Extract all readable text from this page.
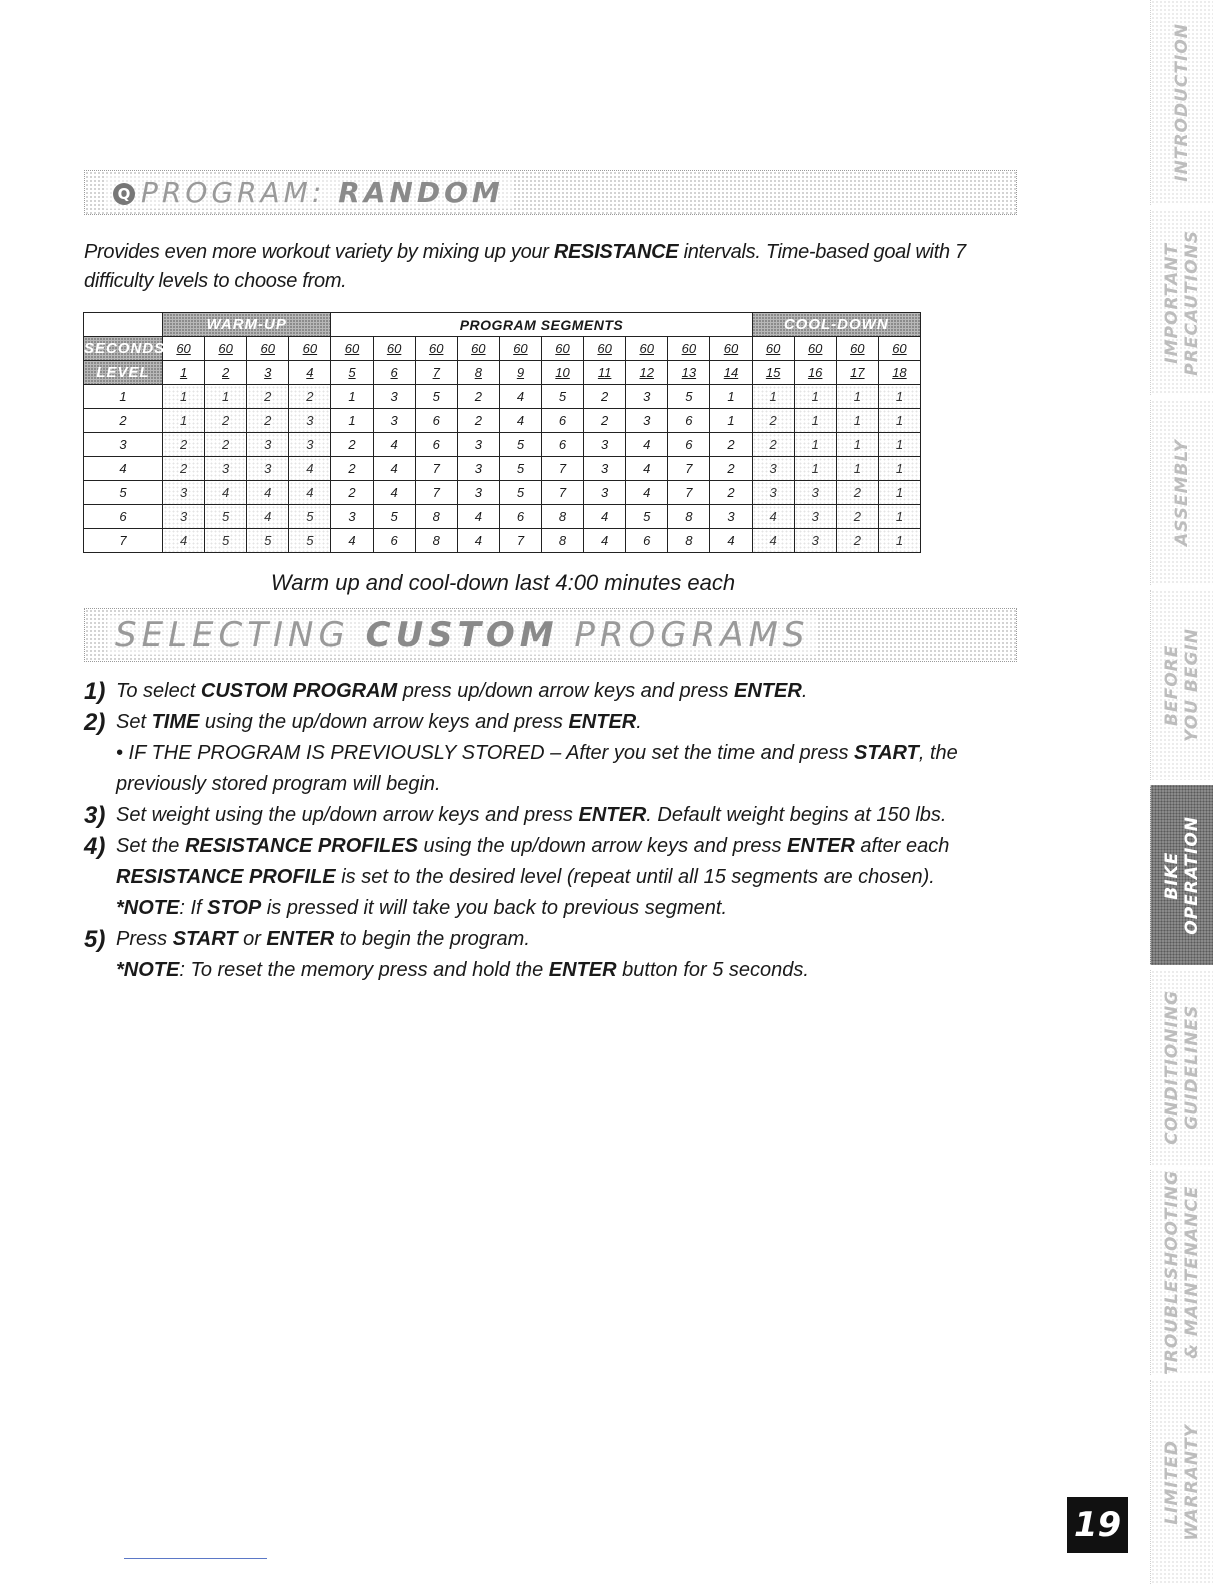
Q PROGRAM: RANDOM
Provides even more workout variety by mixing up your RESISTANCE intervals. Time-based goal with 7 difficulty levels to choose from.
	WARM-UP				PROGRAM SEGMENTS										COOL-DOWN			
SECONDS	60	60	60	60	60	60	60	60	60	60	60	60	60	60	60	60	60	60
LEVEL	1	2	3	4	5	6	7	8	9	10	11	12	13	14	15	16	17	18
1	1	1	2	2	1	3	5	2	4	5	2	3	5	1	1	1	1	1
2	1	2	2	3	1	3	6	2	4	6	2	3	6	1	2	1	1	1
3	2	2	3	3	2	4	6	3	5	6	3	4	6	2	2	1	1	1
4	2	3	3	4	2	4	7	3	5	7	3	4	7	2	3	1	1	1
5	3	4	4	4	2	4	7	3	5	7	3	4	7	2	3	3	2	1
6	3	5	4	5	3	5	8	4	6	8	4	5	8	3	4	3	2	1
7	4	5	5	5	4	6	8	4	7	8	4	6	8	4	4	3	2	1
Warm up and cool-down last 4:00 minutes each
SELECTING CUSTOM PROGRAMS
1) To select CUSTOM PROGRAM press up/down arrow keys and press ENTER.
2) Set TIME using the up/down arrow keys and press ENTER.
• IF THE PROGRAM IS PREVIOUSLY STORED – After you set the time and press START, the previously stored program will begin.
3) Set weight using the up/down arrow keys and press ENTER. Default weight begins at 150 lbs.
4) Set the RESISTANCE PROFILES using the up/down arrow keys and press ENTER after each RESISTANCE PROFILE is set to the desired level (repeat until all 15 segments are chosen).
*NOTE: If STOP is pressed it will take you back to previous segment.
5) Press START or ENTER to begin the program.
*NOTE: To reset the memory press and hold the ENTER button for 5 seconds.
INTRODUCTION
IMPORTANT
PRECAUTIONS
ASSEMBLY
BEFORE
YOU BEGIN
BIKE
OPERATION
CONDITIONING
GUIDELINES
TROUBLESHOOTING
& MAINTENANCE
LIMITED
WARRANTY
19
